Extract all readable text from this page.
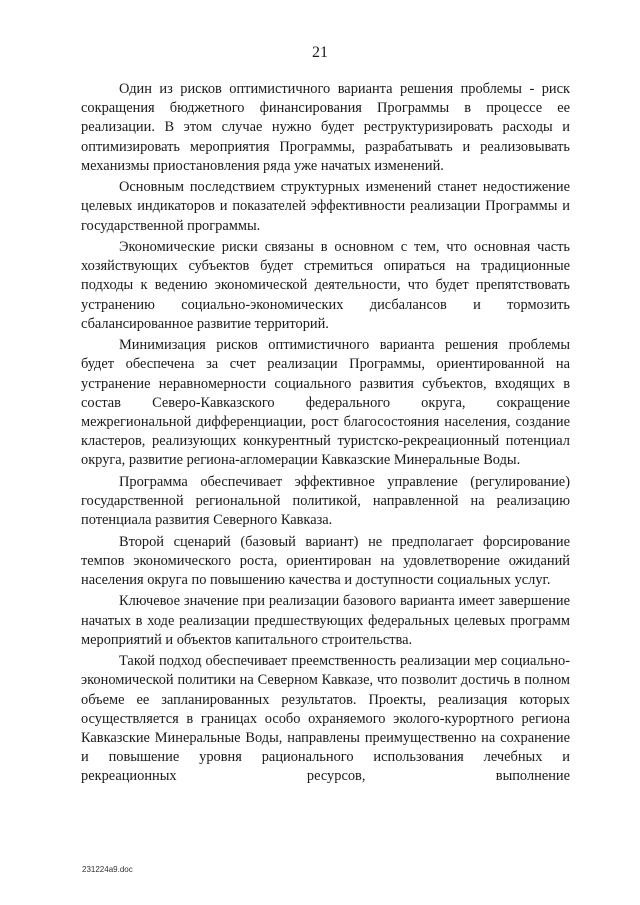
21

Один из рисков оптимистичного варианта решения проблемы - риск сокращения бюджетного финансирования Программы в процессе ее реализации. В этом случае нужно будет реструктуризировать расходы и оптимизировать мероприятия Программы, разрабатывать и реализовывать механизмы приостановления ряда уже начатых изменений.

Основным последствием структурных изменений станет недостижение целевых индикаторов и показателей эффективности реализации Программы и государственной программы.

Экономические риски связаны в основном с тем, что основная часть хозяйствующих субъектов будет стремиться опираться на традиционные подходы к ведению экономической деятельности, что будет препятствовать устранению социально-экономических дисбалансов и тормозить сбалансированное развитие территорий.

Минимизация рисков оптимистичного варианта решения проблемы будет обеспечена за счет реализации Программы, ориентированной на устранение неравномерности социального развития субъектов, входящих в состав Северо-Кавказского федерального округа, сокращение межрегиональной дифференциации, рост благосостояния населения, создание кластеров, реализующих конкурентный туристско-рекреационный потенциал округа, развитие региона-агломерации Кавказские Минеральные Воды.

Программа обеспечивает эффективное управление (регулирование) государственной региональной политикой, направленной на реализацию потенциала развития Северного Кавказа.

Второй сценарий (базовый вариант) не предполагает форсирование темпов экономического роста, ориентирован на удовлетворение ожиданий населения округа по повышению качества и доступности социальных услуг.

Ключевое значение при реализации базового варианта имеет завершение начатых в ходе реализации предшествующих федеральных целевых программ мероприятий и объектов капитального строительства.

Такой подход обеспечивает преемственность реализации мер социально-экономической политики на Северном Кавказе, что позволит достичь в полном объеме ее запланированных результатов. Проекты, реализация которых осуществляется в границах особо охраняемого эколого-курортного региона Кавказские Минеральные Воды, направлены преимущественно на сохранение и повышение уровня рационального использования лечебных и рекреационных ресурсов, выполнение

231224a9.doc
